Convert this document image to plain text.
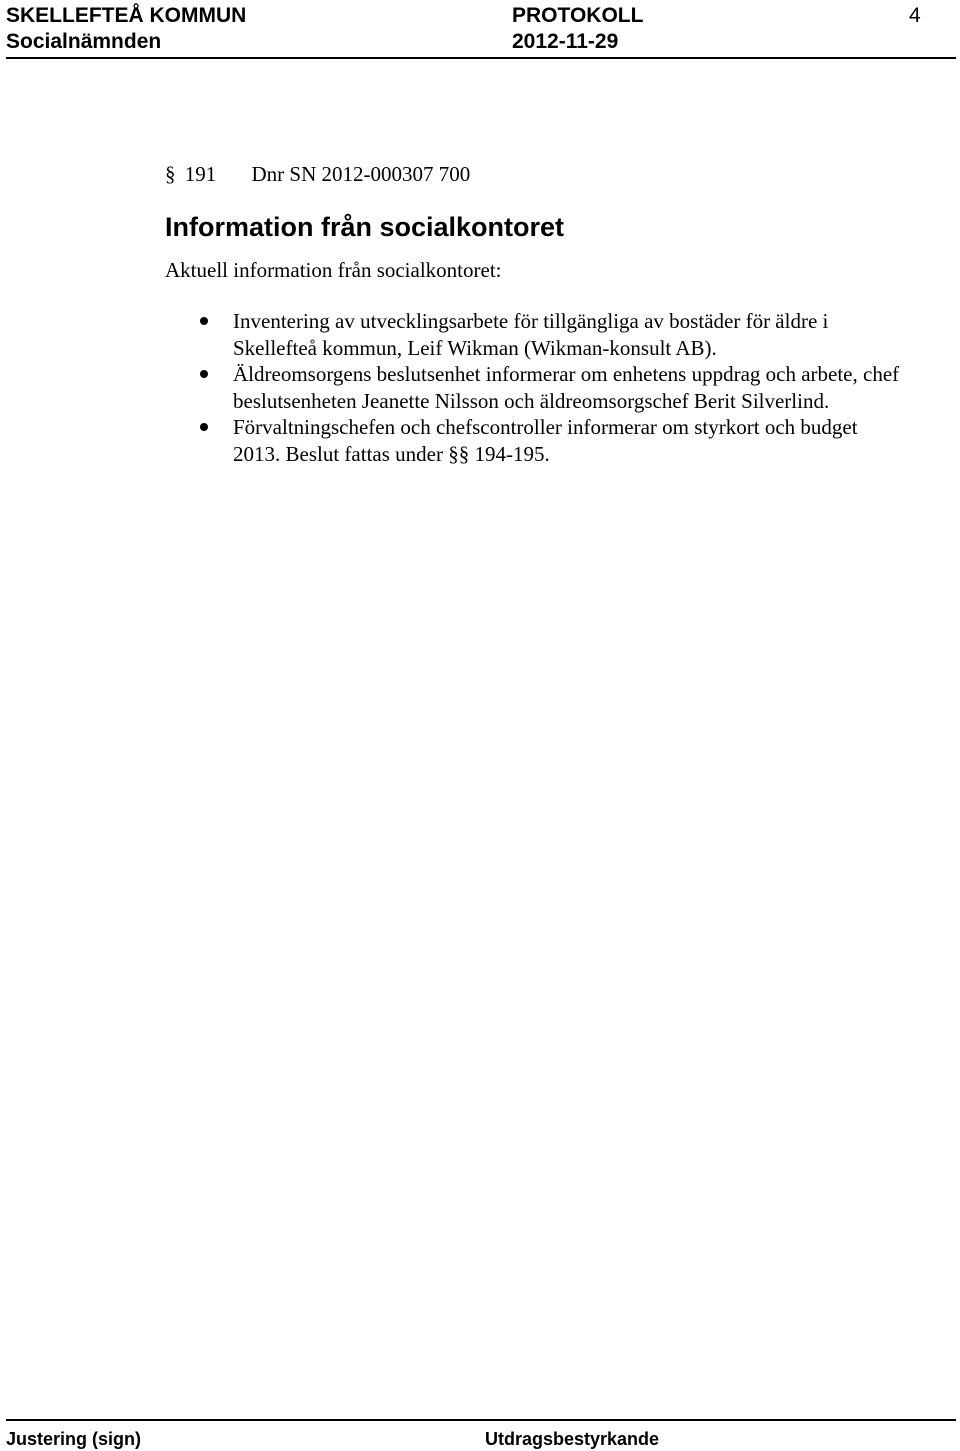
SKELLEFTEÅ KOMMUN
Socialnämnden
PROTOKOLL
2012-11-29
4
§ 191 Dnr SN 2012-000307 700
Information från socialkontoret
Aktuell information från socialkontoret:
Inventering av utvecklingsarbete för tillgängliga av bostäder för äldre i
Skellefteå kommun, Leif Wikman (Wikman-konsult AB).
Äldreomsorgens beslutsenhet informerar om enhetens uppdrag och arbete, chef
beslutsenheten Jeanette Nilsson och äldreomsorgschef Berit Silverlind.
Förvaltningschefen och chefscontroller informerar om styrkort och budget
2013. Beslut fattas under §§ 194-195.
Justering (sign)	Utdragsbestyrkande
